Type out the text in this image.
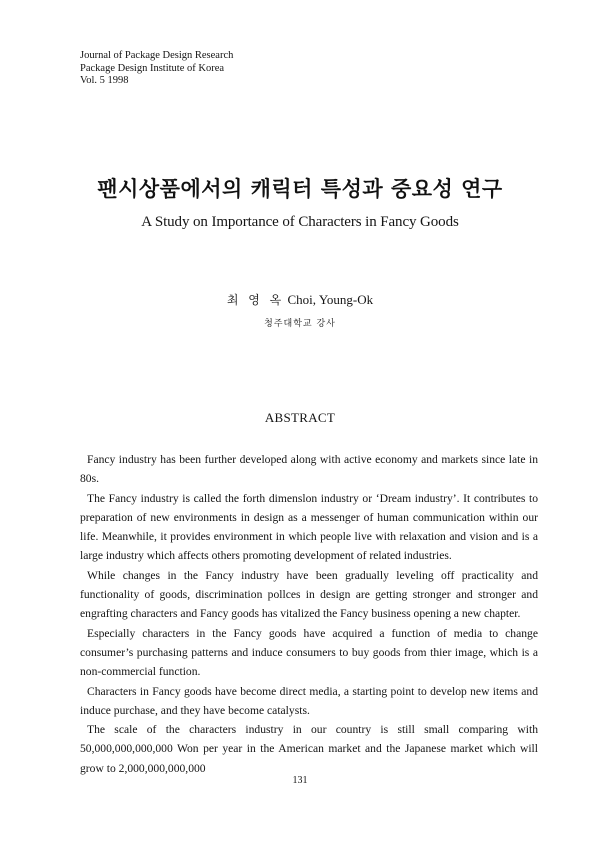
Journal of Package Design Research
Package Design Institute of Korea
Vol. 5 1998
팬시상품에서의 캐릭터 특성과 중요성 연구
A Study on Importance of Characters in Fancy Goods
최 영 옥 Choi, Young-Ok
청주대학교 강사
ABSTRACT

Fancy industry has been further developed along with active economy and markets since late in 80s.

The Fancy industry is called the forth dimenslon industry or ‘Dream industry’. It contributes to preparation of new environments in design as a messenger of human communication within our life. Meanwhile, it provides environment in which people live with relaxation and vision and is a large industry which affects others promoting development of related industries.

While changes in the Fancy industry have been gradually leveling off practicality and functionality of goods, discrimination pollces in design are getting stronger and stronger and engrafting characters and Fancy goods has vitalized the Fancy business opening a new chapter.

Especially characters in the Fancy goods have acquired a function of media to change consumer’s purchasing patterns and induce consumers to buy goods from thier image, which is a non-commercial function.

Characters in Fancy goods have become direct media, a starting point to develop new items and induce purchase, and they have become catalysts.

The scale of the characters industry in our country is still small comparing with 50,000,000,000,000 Won per year in the American market and the Japanese market which will grow to 2,000,000,000,000

131
